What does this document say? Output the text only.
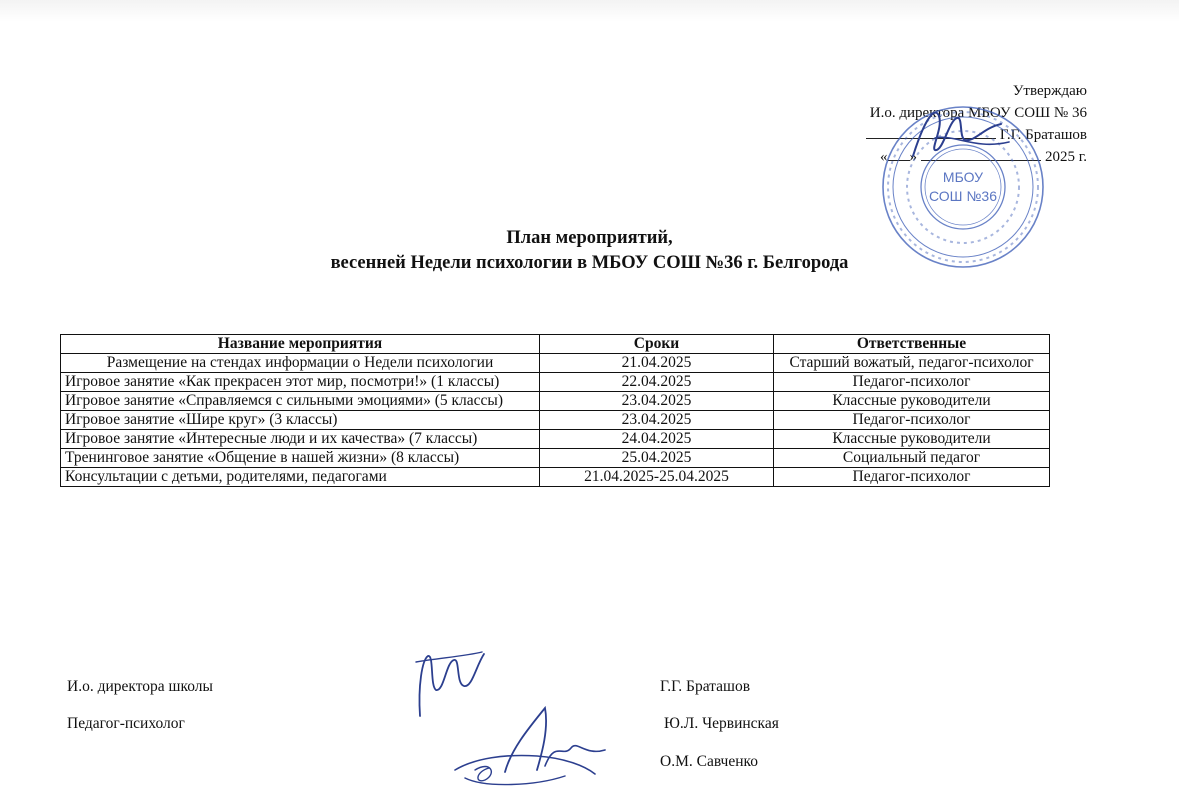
Утверждаю
И.о. директора МБОУ СОШ № 36
Г.Г. Браташов
« »	2025 г.
МБОУ
СОШ №36
План мероприятий,
весенней Недели психологии в МБОУ СОШ №36 г. Белгорода
Название мероприятия	Сроки	Ответственные
Размещение на стендах информации о Недели психологии	21.04.2025	Старший вожатый, педагог-психолог
Игровое занятие «Как прекрасен этот мир, посмотри!» (1 классы)	22.04.2025	Педагог-психолог
Игровое занятие «Справляемся с сильными эмоциями» (5 классы)	23.04.2025	Классные руководители
Игровое занятие «Шире круг» (3 классы)	23.04.2025	Педагог-психолог
Игровое занятие «Интересные люди и их качества» (7 классы)	24.04.2025	Классные руководители
Тренинговое занятие «Общение в нашей жизни» (8 классы)	25.04.2025	Социальный педагог
Консультации с детьми, родителями, педагогами	21.04.2025-25.04.2025	Педагог-психолог
И.о. директора школы	Г.Г. Браташов
Педагог-психолог	Ю.Л. Червинская
О.М. Савченко
